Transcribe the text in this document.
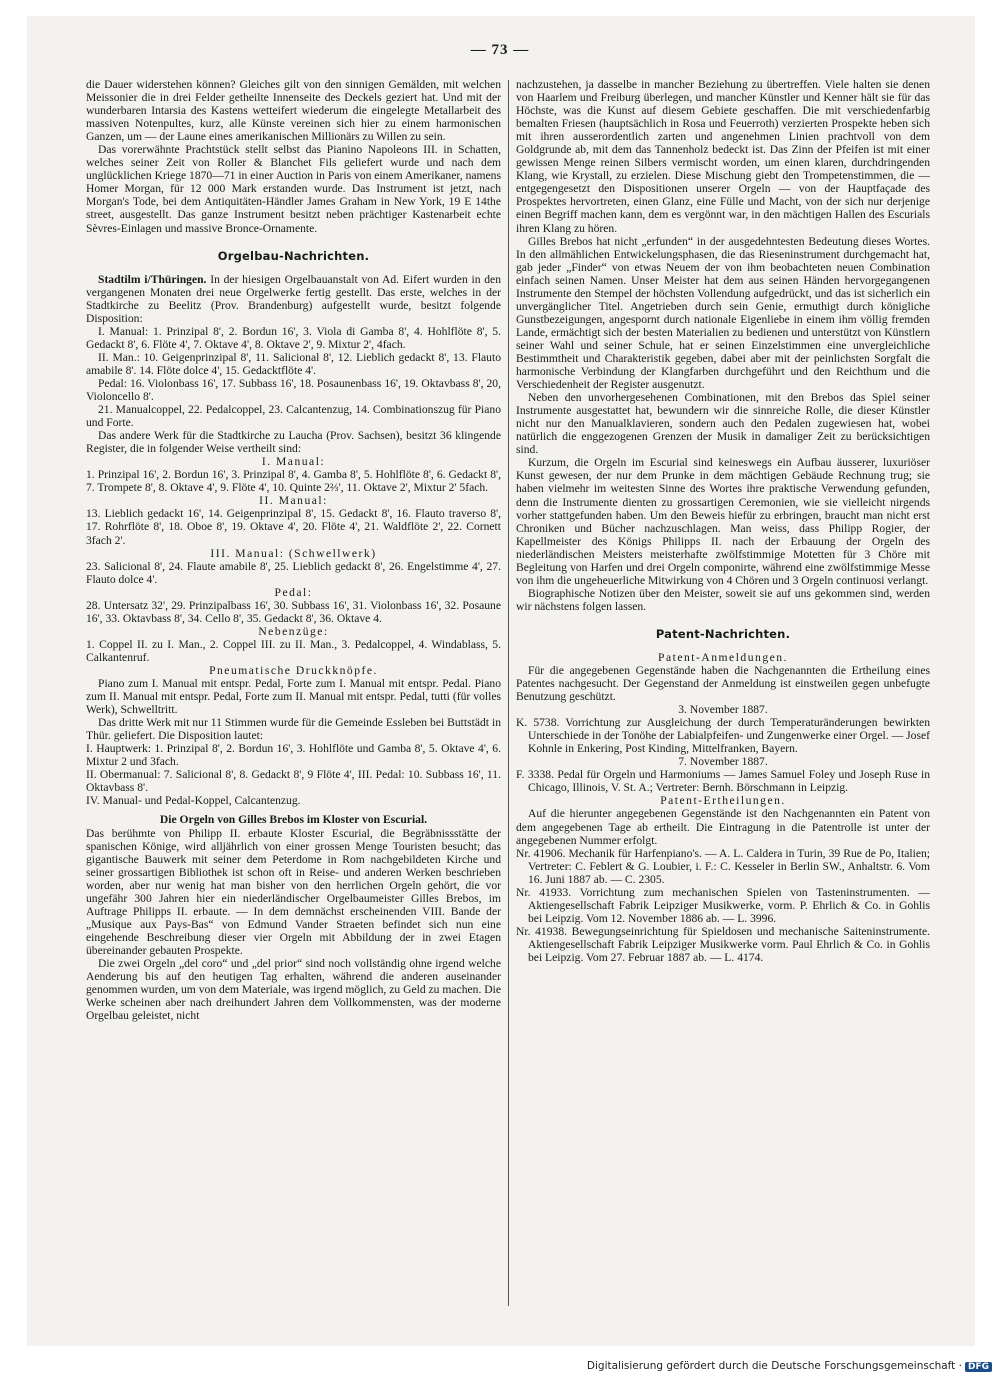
— 73 —

die Dauer widerstehen können? Gleiches gilt von den sinnigen Gemälden, mit welchen Meissonier die in drei Felder getheilte Innenseite des Deckels geziert hat. Und mit der wunderbaren Intarsia des Kastens wetteifert wiederum die eingelegte Metallarbeit des massiven Notenpultes, kurz, alle Künste vereinen sich hier zu einem harmonischen Ganzen, um — der Laune eines amerikanischen Millionärs zu Willen zu sein.

Das vorerwähnte Prachtstück stellt selbst das Pianino Napoleons III. in Schatten, welches seiner Zeit von Roller & Blanchet Fils geliefert wurde und nach dem unglücklichen Kriege 1870—71 in einer Auction in Paris von einem Amerikaner, namens Homer Morgan, für 12 000 Mark erstanden wurde. Das Instrument ist jetzt, nach Morgan's Tode, bei dem Antiquitäten-Händler James Graham in New York, 19 E 14the street, ausgestellt. Das ganze Instrument besitzt neben prächtiger Kastenarbeit echte Sèvres-Einlagen und massive Bronce-Ornamente.

Orgelbau-Nachrichten.

Stadtilm i/Thüringen. In der hiesigen Orgelbauanstalt von Ad. Eifert wurden in den vergangenen Monaten drei neue Orgelwerke fertig gestellt. Das erste, welches in der Stadtkirche zu Beelitz (Prov. Brandenburg) aufgestellt wurde, besitzt folgende Disposition:

I. Manual: 1. Prinzipal 8', 2. Bordun 16', 3. Viola di Gamba 8', 4. Hohlflöte 8', 5. Gedackt 8', 6. Flöte 4', 7. Oktave 4', 8. Oktave 2', 9. Mixtur 2', 4fach.

II. Man.: 10. Geigenprinzipal 8', 11. Salicional 8', 12. Lieblich gedackt 8', 13. Flauto amabile 8'. 14. Flöte dolce 4', 15. Gedacktflöte 4'.

Pedal: 16. Violonbass 16', 17. Subbass 16', 18. Posaunenbass 16', 19. Oktavbass 8', 20, Violoncello 8'.

21. Manualcoppel, 22. Pedalcoppel, 23. Calcantenzug, 14. Combinationszug für Piano und Forte.

Das andere Werk für die Stadtkirche zu Laucha (Prov. Sachsen), besitzt 36 klingende Register, die in folgender Weise vertheilt sind:

I. Manual:

1. Prinzipal 16', 2. Bordun 16', 3. Prinzipal 8', 4. Gamba 8', 5. Hohlflöte 8', 6. Gedackt 8', 7. Trompete 8', 8. Oktave 4', 9. Flöte 4', 10. Quinte 2⅔', 11. Oktave 2', Mixtur 2' 5fach.

II. Manual:

13. Lieblich gedackt 16', 14. Geigenprinzipal 8', 15. Gedackt 8', 16. Flauto traverso 8', 17. Rohrflöte 8', 18. Oboe 8', 19. Oktave 4', 20. Flöte 4', 21. Waldflöte 2', 22. Cornett 3fach 2'.

III. Manual: (Schwellwerk)

23. Salicional 8', 24. Flaute amabile 8', 25. Lieblich gedackt 8', 26. Engelstimme 4', 27. Flauto dolce 4'.

Pedal:

28. Untersatz 32', 29. Prinzipalbass 16', 30. Subbass 16', 31. Violonbass 16', 32. Posaune 16', 33. Oktavbass 8', 34. Cello 8', 35. Gedackt 8', 36. Oktave 4.

Nebenzüge:

1. Coppel II. zu I. Man., 2. Coppel III. zu II. Man., 3. Pedalcoppel, 4. Windablass, 5. Calkantenruf.

Pneumatische Druckknöpfe.

Piano zum I. Manual mit entspr. Pedal, Forte zum I. Manual mit entspr. Pedal. Piano zum II. Manual mit entspr. Pedal, Forte zum II. Manual mit entspr. Pedal, tutti (für volles Werk), Schwelltritt.

Das dritte Werk mit nur 11 Stimmen wurde für die Gemeinde Essleben bei Buttstädt in Thür. geliefert. Die Disposition lautet:

I. Hauptwerk: 1. Prinzipal 8', 2. Bordun 16', 3. Hohlflöte und Gamba 8', 5. Oktave 4', 6. Mixtur 2 und 3fach.

II. Obermanual: 7. Salicional 8', 8. Gedackt 8', 9 Flöte 4', III. Pedal: 10. Subbass 16', 11. Oktavbass 8'.

IV. Manual- und Pedal-Koppel, Calcantenzug.

Die Orgeln von Gilles Brebos im Kloster von Escurial.

Das berühmte von Philipp II. erbaute Kloster Escurial, die Begräbnissstätte der spanischen Könige, wird alljährlich von einer grossen Menge Touristen besucht; das gigantische Bauwerk mit seiner dem Peterdome in Rom nachgebildeten Kirche und seiner grossartigen Bibliothek ist schon oft in Reise- und anderen Werken beschrieben worden, aber nur wenig hat man bisher von den herrlichen Orgeln gehört, die vor ungefähr 300 Jahren hier ein niederländischer Orgelbaumeister Gilles Brebos, im Auftrage Philipps II. erbaute. — In dem demnächst erscheinenden VIII. Bande der „Musique aux Pays-Bas“ von Edmund Vander Straeten befindet sich nun eine eingehende Beschreibung dieser vier Orgeln mit Abbildung der in zwei Etagen übereinander gebauten Prospekte.

Die zwei Orgeln „del coro“ und „del prior“ sind noch vollständig ohne irgend welche Aenderung bis auf den heutigen Tag erhalten, während die anderen auseinander genommen wurden, um von dem Materiale, was irgend möglich, zu Geld zu machen. Die Werke scheinen aber nach dreihundert Jahren dem Vollkommensten, was der moderne Orgelbau geleistet, nicht

nachzustehen, ja dasselbe in mancher Beziehung zu übertreffen. Viele halten sie denen von Haarlem und Freiburg überlegen, und mancher Künstler und Kenner hält sie für das Höchste, was die Kunst auf diesem Gebiete geschaffen. Die mit verschiedenfarbig bemalten Friesen (hauptsächlich in Rosa und Feuerroth) verzierten Prospekte heben sich mit ihren ausserordentlich zarten und angenehmen Linien prachtvoll von dem Goldgrunde ab, mit dem das Tannenholz bedeckt ist. Das Zinn der Pfeifen ist mit einer gewissen Menge reinen Silbers vermischt worden, um einen klaren, durchdringenden Klang, wie Krystall, zu erzielen. Diese Mischung giebt den Trompetenstimmen, die — entgegengesetzt den Dispositionen unserer Orgeln — von der Hauptfaçade des Prospektes hervortreten, einen Glanz, eine Fülle und Macht, von der sich nur derjenige einen Begriff machen kann, dem es vergönnt war, in den mächtigen Hallen des Escurials ihren Klang zu hören.

Gilles Brebos hat nicht „erfunden“ in der ausgedehntesten Bedeutung dieses Wortes. In den allmählichen Entwickelungsphasen, die das Rieseninstrument durchgemacht hat, gab jeder „Finder“ von etwas Neuem der von ihm beobachteten neuen Combination einfach seinen Namen. Unser Meister hat dem aus seinen Händen hervorgegangenen Instrumente den Stempel der höchsten Vollendung aufgedrückt, und das ist sicherlich ein unvergänglicher Titel. Angetrieben durch sein Genie, ermuthigt durch königliche Gunstbezeigungen, angespornt durch nationale Eigenliebe in einem ihm völlig fremden Lande, ermächtigt sich der besten Materialien zu bedienen und unterstützt von Künstlern seiner Wahl und seiner Schule, hat er seinen Einzelstimmen eine unvergleichliche Bestimmtheit und Charakteristik gegeben, dabei aber mit der peinlichsten Sorgfalt die harmonische Verbindung der Klangfarben durchgeführt und den Reichthum und die Verschiedenheit der Register ausgenutzt.

Neben den unvorhergesehenen Combinationen, mit den Brebos das Spiel seiner Instrumente ausgestattet hat, bewundern wir die sinnreiche Rolle, die dieser Künstler nicht nur den Manualklavieren, sondern auch den Pedalen zugewiesen hat, wobei natürlich die enggezogenen Grenzen der Musik in damaliger Zeit zu berücksichtigen sind.

Kurzum, die Orgeln im Escurial sind keineswegs ein Aufbau äusserer, luxuriöser Kunst gewesen, der nur dem Prunke in dem mächtigen Gebäude Rechnung trug; sie haben vielmehr im weitesten Sinne des Wortes ihre praktische Verwendung gefunden, denn die Instrumente dienten zu grossartigen Ceremonien, wie sie vielleicht nirgends vorher stattgefunden haben. Um den Beweis hiefür zu erbringen, braucht man nicht erst Chroniken und Bücher nachzuschlagen. Man weiss, dass Philipp Rogier, der Kapellmeister des Königs Philipps II. nach der Erbauung der Orgeln des niederländischen Meisters meisterhafte zwölfstimmige Motetten für 3 Chöre mit Begleitung von Harfen und drei Orgeln componirte, während eine zwölfstimmige Messe von ihm die ungeheuerliche Mitwirkung von 4 Chören und 3 Orgeln continuosi verlangt.

Biographische Notizen über den Meister, soweit sie auf uns gekommen sind, werden wir nächstens folgen lassen.

Patent-Nachrichten.

Patent-Anmeldungen.

Für die angegebenen Gegenstände haben die Nachgenannten die Ertheilung eines Patentes nachgesucht. Der Gegenstand der Anmeldung ist einstweilen gegen unbefugte Benutzung geschützt.

3. November 1887.

K. 5738. Vorrichtung zur Ausgleichung der durch Temperaturänderungen bewirkten Unterschiede in der Tonöhe der Labialpfeifen- und Zungenwerke einer Orgel. — Josef Kohnle in Enkering, Post Kinding, Mittelfranken, Bayern.

7. November 1887.

F. 3338. Pedal für Orgeln und Harmoniums — James Samuel Foley und Joseph Ruse in Chicago, Illinois, V. St. A.; Vertreter: Bernh. Börschmann in Leipzig.

Patent-Ertheilungen.

Auf die hierunter angegebenen Gegenstände ist den Nachgenannten ein Patent von dem angegebenen Tage ab ertheilt. Die Eintragung in die Patentrolle ist unter der angegebenen Nummer erfolgt.

Nr. 41906. Mechanik für Harfenpiano's. — A. L. Caldera in Turin, 39 Rue de Po, Italien; Vertreter: C. Feblert & G. Loubier, i. F.: C. Kesseler in Berlin SW., Anhaltstr. 6. Vom 16. Juni 1887 ab. — C. 2305.

Nr. 41933. Vorrichtung zum mechanischen Spielen von Tasteninstrumenten. — Aktiengesellschaft Fabrik Leipziger Musikwerke, vorm. P. Ehrlich & Co. in Gohlis bei Leipzig. Vom 12. November 1886 ab. — L. 3996.

Nr. 41938. Bewegungseinrichtung für Spieldosen und mechanische Saiteninstrumente. Aktiengesellschaft Fabrik Leipziger Musikwerke vorm. Paul Ehrlich & Co. in Gohlis bei Leipzig. Vom 27. Februar 1887 ab. — L. 4174.

Digitalisierung gefördert durch die Deutsche Forschungsgemeinschaft · DFG
